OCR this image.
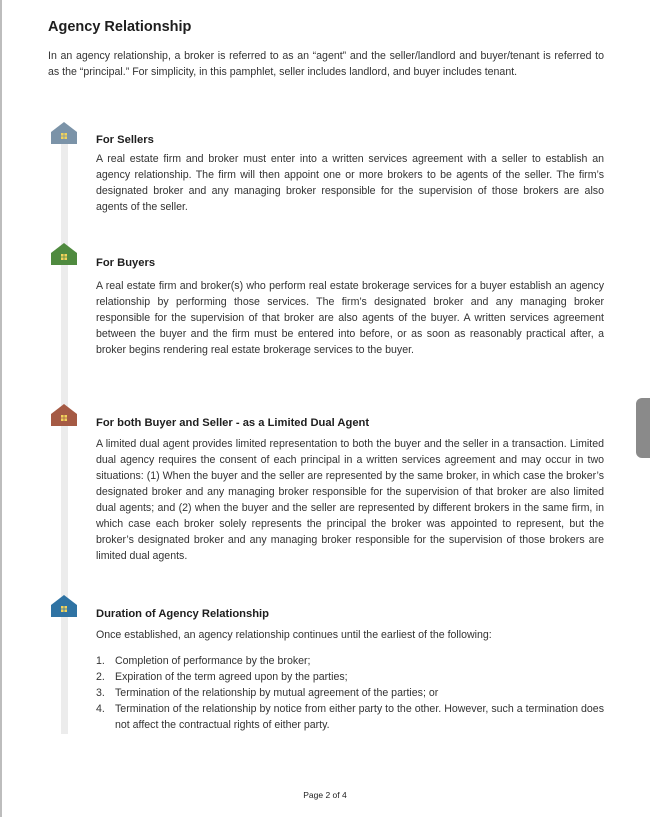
Agency Relationship

In an agency relationship, a broker is referred to as an “agent” and the seller/landlord and buyer/tenant is referred to as the “principal.” For simplicity, in this pamphlet, seller includes landlord, and buyer includes tenant.

For Sellers

A real estate firm and broker must enter into a written services agreement with a seller to establish an agency relationship. The firm will then appoint one or more brokers to be agents of the seller. The firm’s designated broker and any managing broker responsible for the supervision of those brokers are also agents of the seller.

For Buyers

A real estate firm and broker(s) who perform real estate brokerage services for a buyer establish an agency relationship by performing those services. The firm’s designated broker and any managing broker responsible for the supervision of that broker are also agents of the buyer. A written services agreement between the buyer and the firm must be entered into before, or as soon as reasonably practical after, a broker begins rendering real estate brokerage services to the buyer.

For both Buyer and Seller - as a Limited Dual Agent

A limited dual agent provides limited representation to both the buyer and the seller in a transaction. Limited dual agency requires the consent of each principal in a written services agreement and may occur in two situations: (1) When the buyer and the seller are represented by the same broker, in which case the broker’s designated broker and any managing broker responsible for the supervision of that broker are also limited dual agents; and (2) when the buyer and the seller are represented by different brokers in the same firm, in which case each broker solely represents the principal the broker was appointed to represent, but the broker’s designated broker and any managing broker responsible for the supervision of those brokers are limited dual agents.

Duration of Agency Relationship

Once established, an agency relationship continues until the earliest of the following:

1. Completion of performance by the broker;
2. Expiration of the term agreed upon by the parties;
3. Termination of the relationship by mutual agreement of the parties; or
4. Termination of the relationship by notice from either party to the other. However, such a termination does not affect the contractual rights of either party.
Page 2 of 4
